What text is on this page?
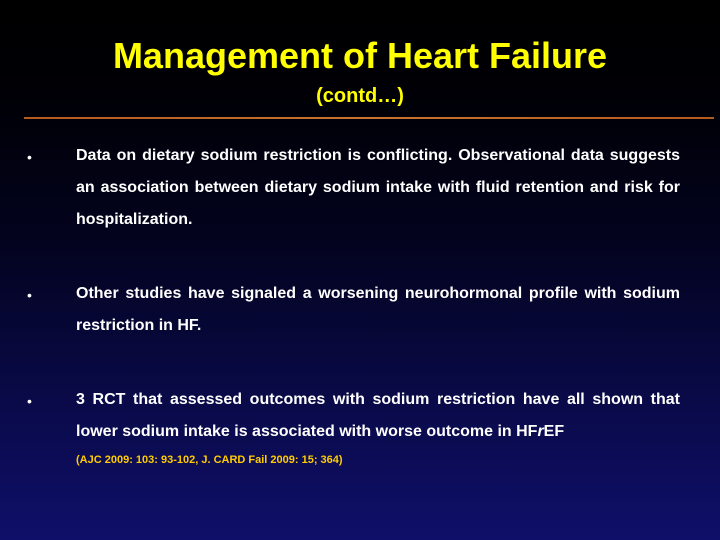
Management of Heart Failure
(contd…)
•	Data on dietary sodium restriction is conflicting. Observational data suggests an association between dietary sodium intake with fluid retention and risk for hospitalization.
•	Other studies have signaled a worsening neurohormonal profile with sodium restriction in HF.
•	3 RCT that assessed outcomes with sodium restriction have all shown that lower sodium intake is associated with worse outcome in HFrEF
(AJC 2009: 103: 93-102, J. CARD Fail 2009: 15; 364)
